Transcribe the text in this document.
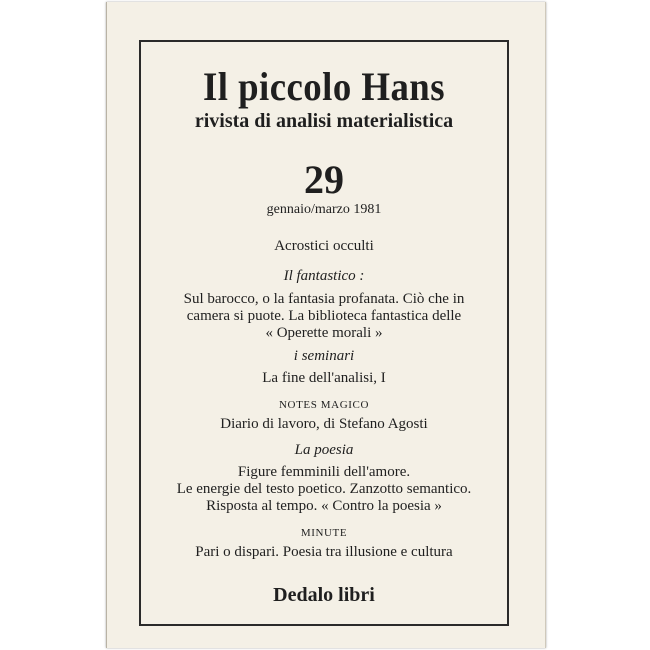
Il piccolo Hans
rivista di analisi materialistica
29
gennaio/marzo 1981
Acrostici occulti
Il fantastico :
Sul barocco, o la fantasia profanata. Ciò che in
camera si puote. La biblioteca fantastica delle
« Operette morali »
i seminari
La fine dell'analisi, I
NOTES MAGICO
Diario di lavoro, di Stefano Agosti
La poesia
Figure femminili dell'amore.
Le energie del testo poetico. Zanzotto semantico.
Risposta al tempo. « Contro la poesia »
MINUTE
Pari o dispari. Poesia tra illusione e cultura
Dedalo libri
